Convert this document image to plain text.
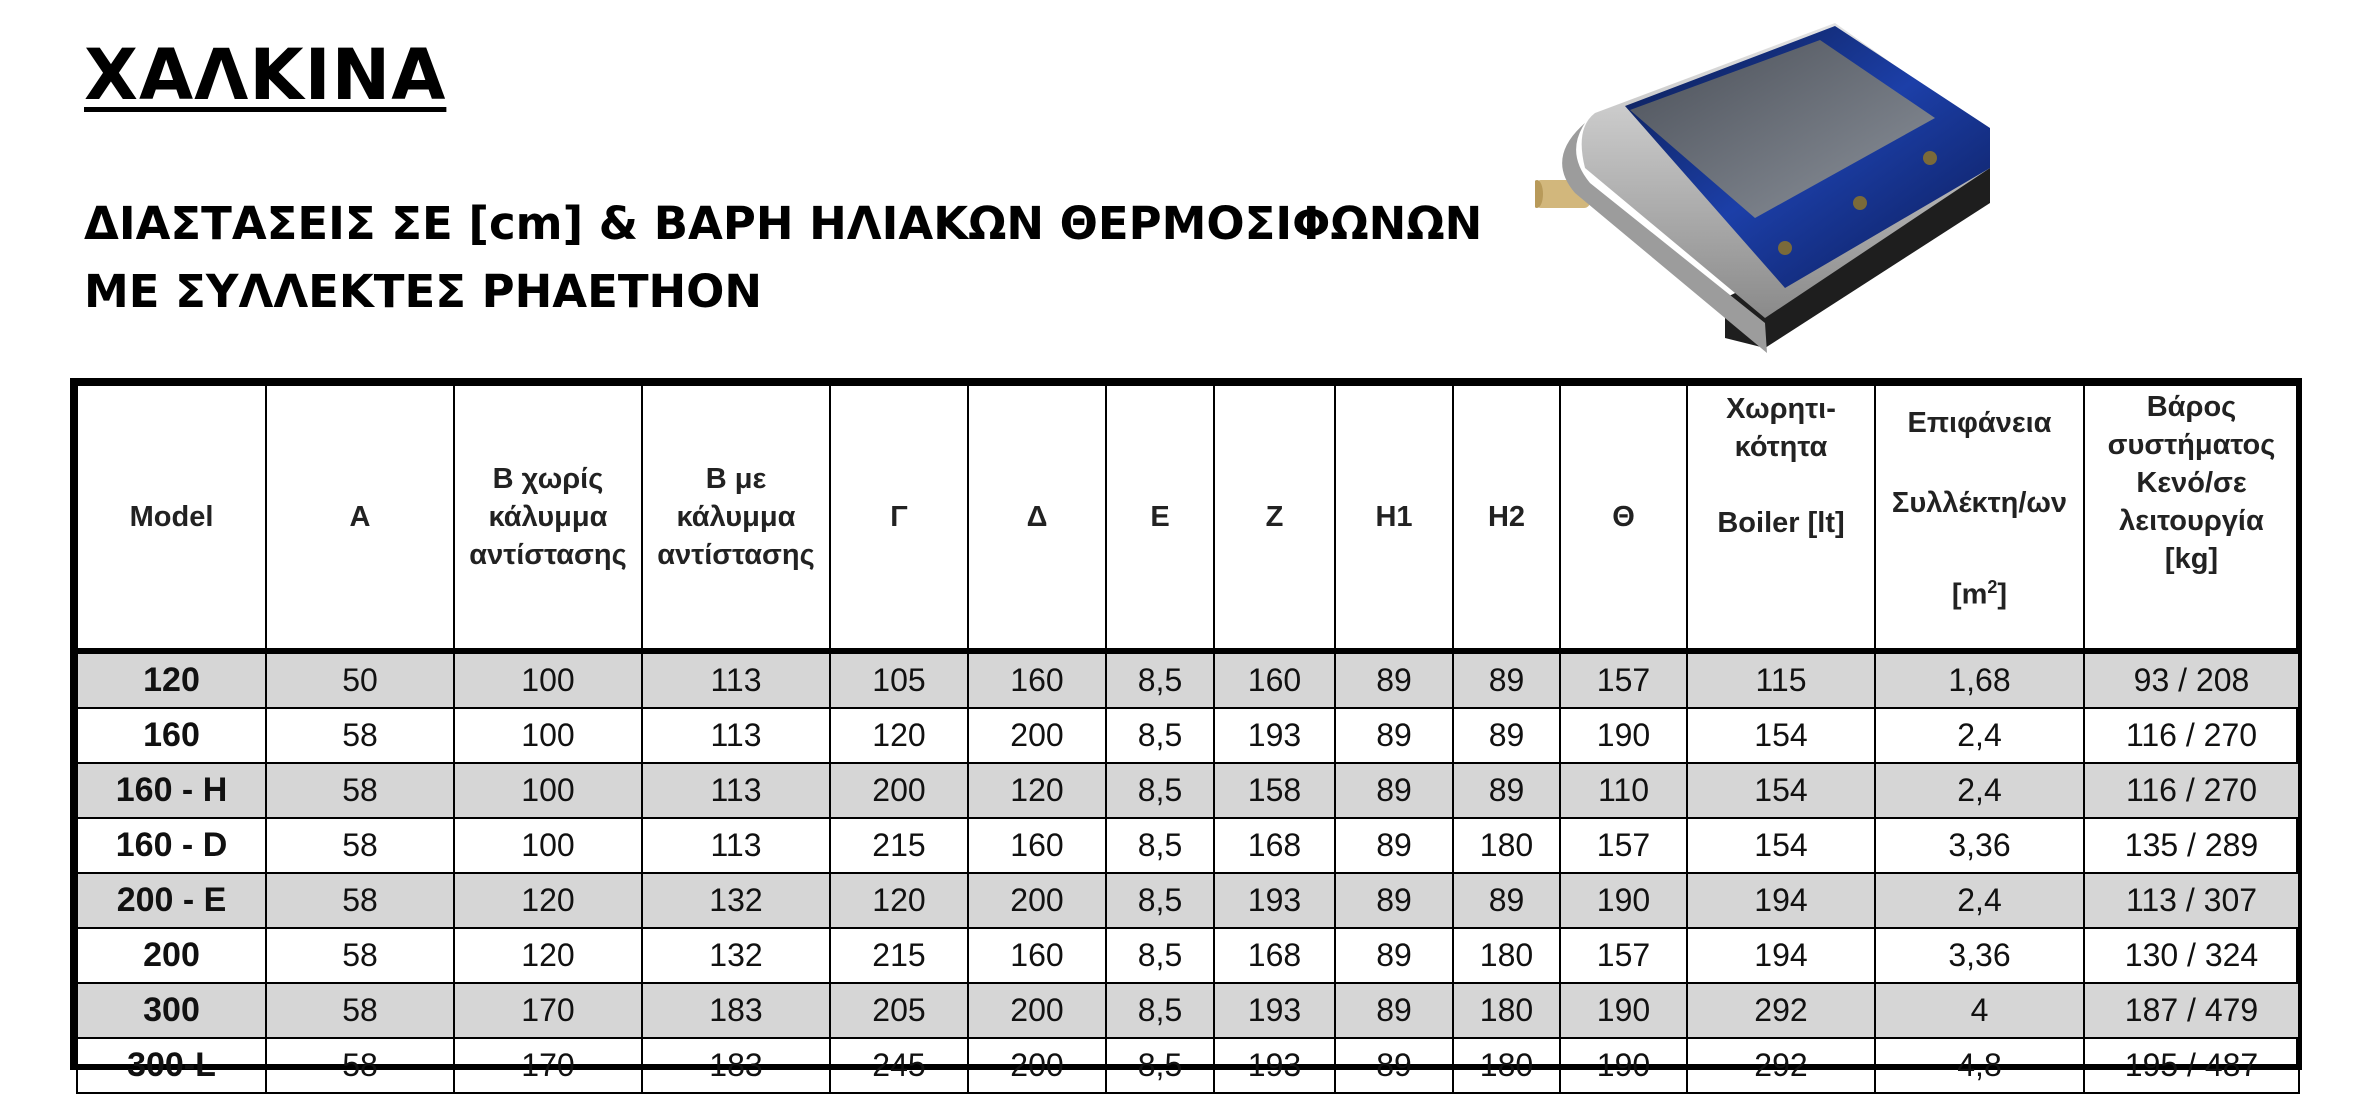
ΧΑΛΚΙΝΑ
ΔΙΑΣΤΑΣΕΙΣ ΣΕ [cm] & ΒΑΡΗ ΗΛΙΑΚΩΝ ΘΕΡΜΟΣΙΦΩΝΩΝ
ΜΕ ΣΥΛΛΕΚΤΕΣ PHAETHON
Model	A	B χωρίς
κάλυμμα
αντίστασης	B με
κάλυμμα
αντίστασης	Γ	Δ	E	Z	H1	H2	Θ	Χωρητι-
κότητα
Boiler [lt]	Επιφάνεια
Συλλέκτη/ων
$[m^2]$	Βάρος
συστήματος
Κενό/σε
λειτουργία
[kg]

120	50	100	113	105	160	8,5	160	89	89	157	115	1,68	93 / 208
160	58	100	113	120	200	8,5	193	89	89	190	154	2,4	116 / 270
160 - H	58	100	113	200	120	8,5	158	89	89	110	154	2,4	116 / 270
160 - D	58	100	113	215	160	8,5	168	89	180	157	154	3,36	135 / 289
200 - E	58	120	132	120	200	8,5	193	89	89	190	194	2,4	113 / 307
200	58	120	132	215	160	8,5	168	89	180	157	194	3,36	130 / 324
300	58	170	183	205	200	8,5	193	89	180	190	292	4	187 / 479
300-L	58	170	183	245	200	8,5	193	89	180	190	292	4,8	195 / 487
